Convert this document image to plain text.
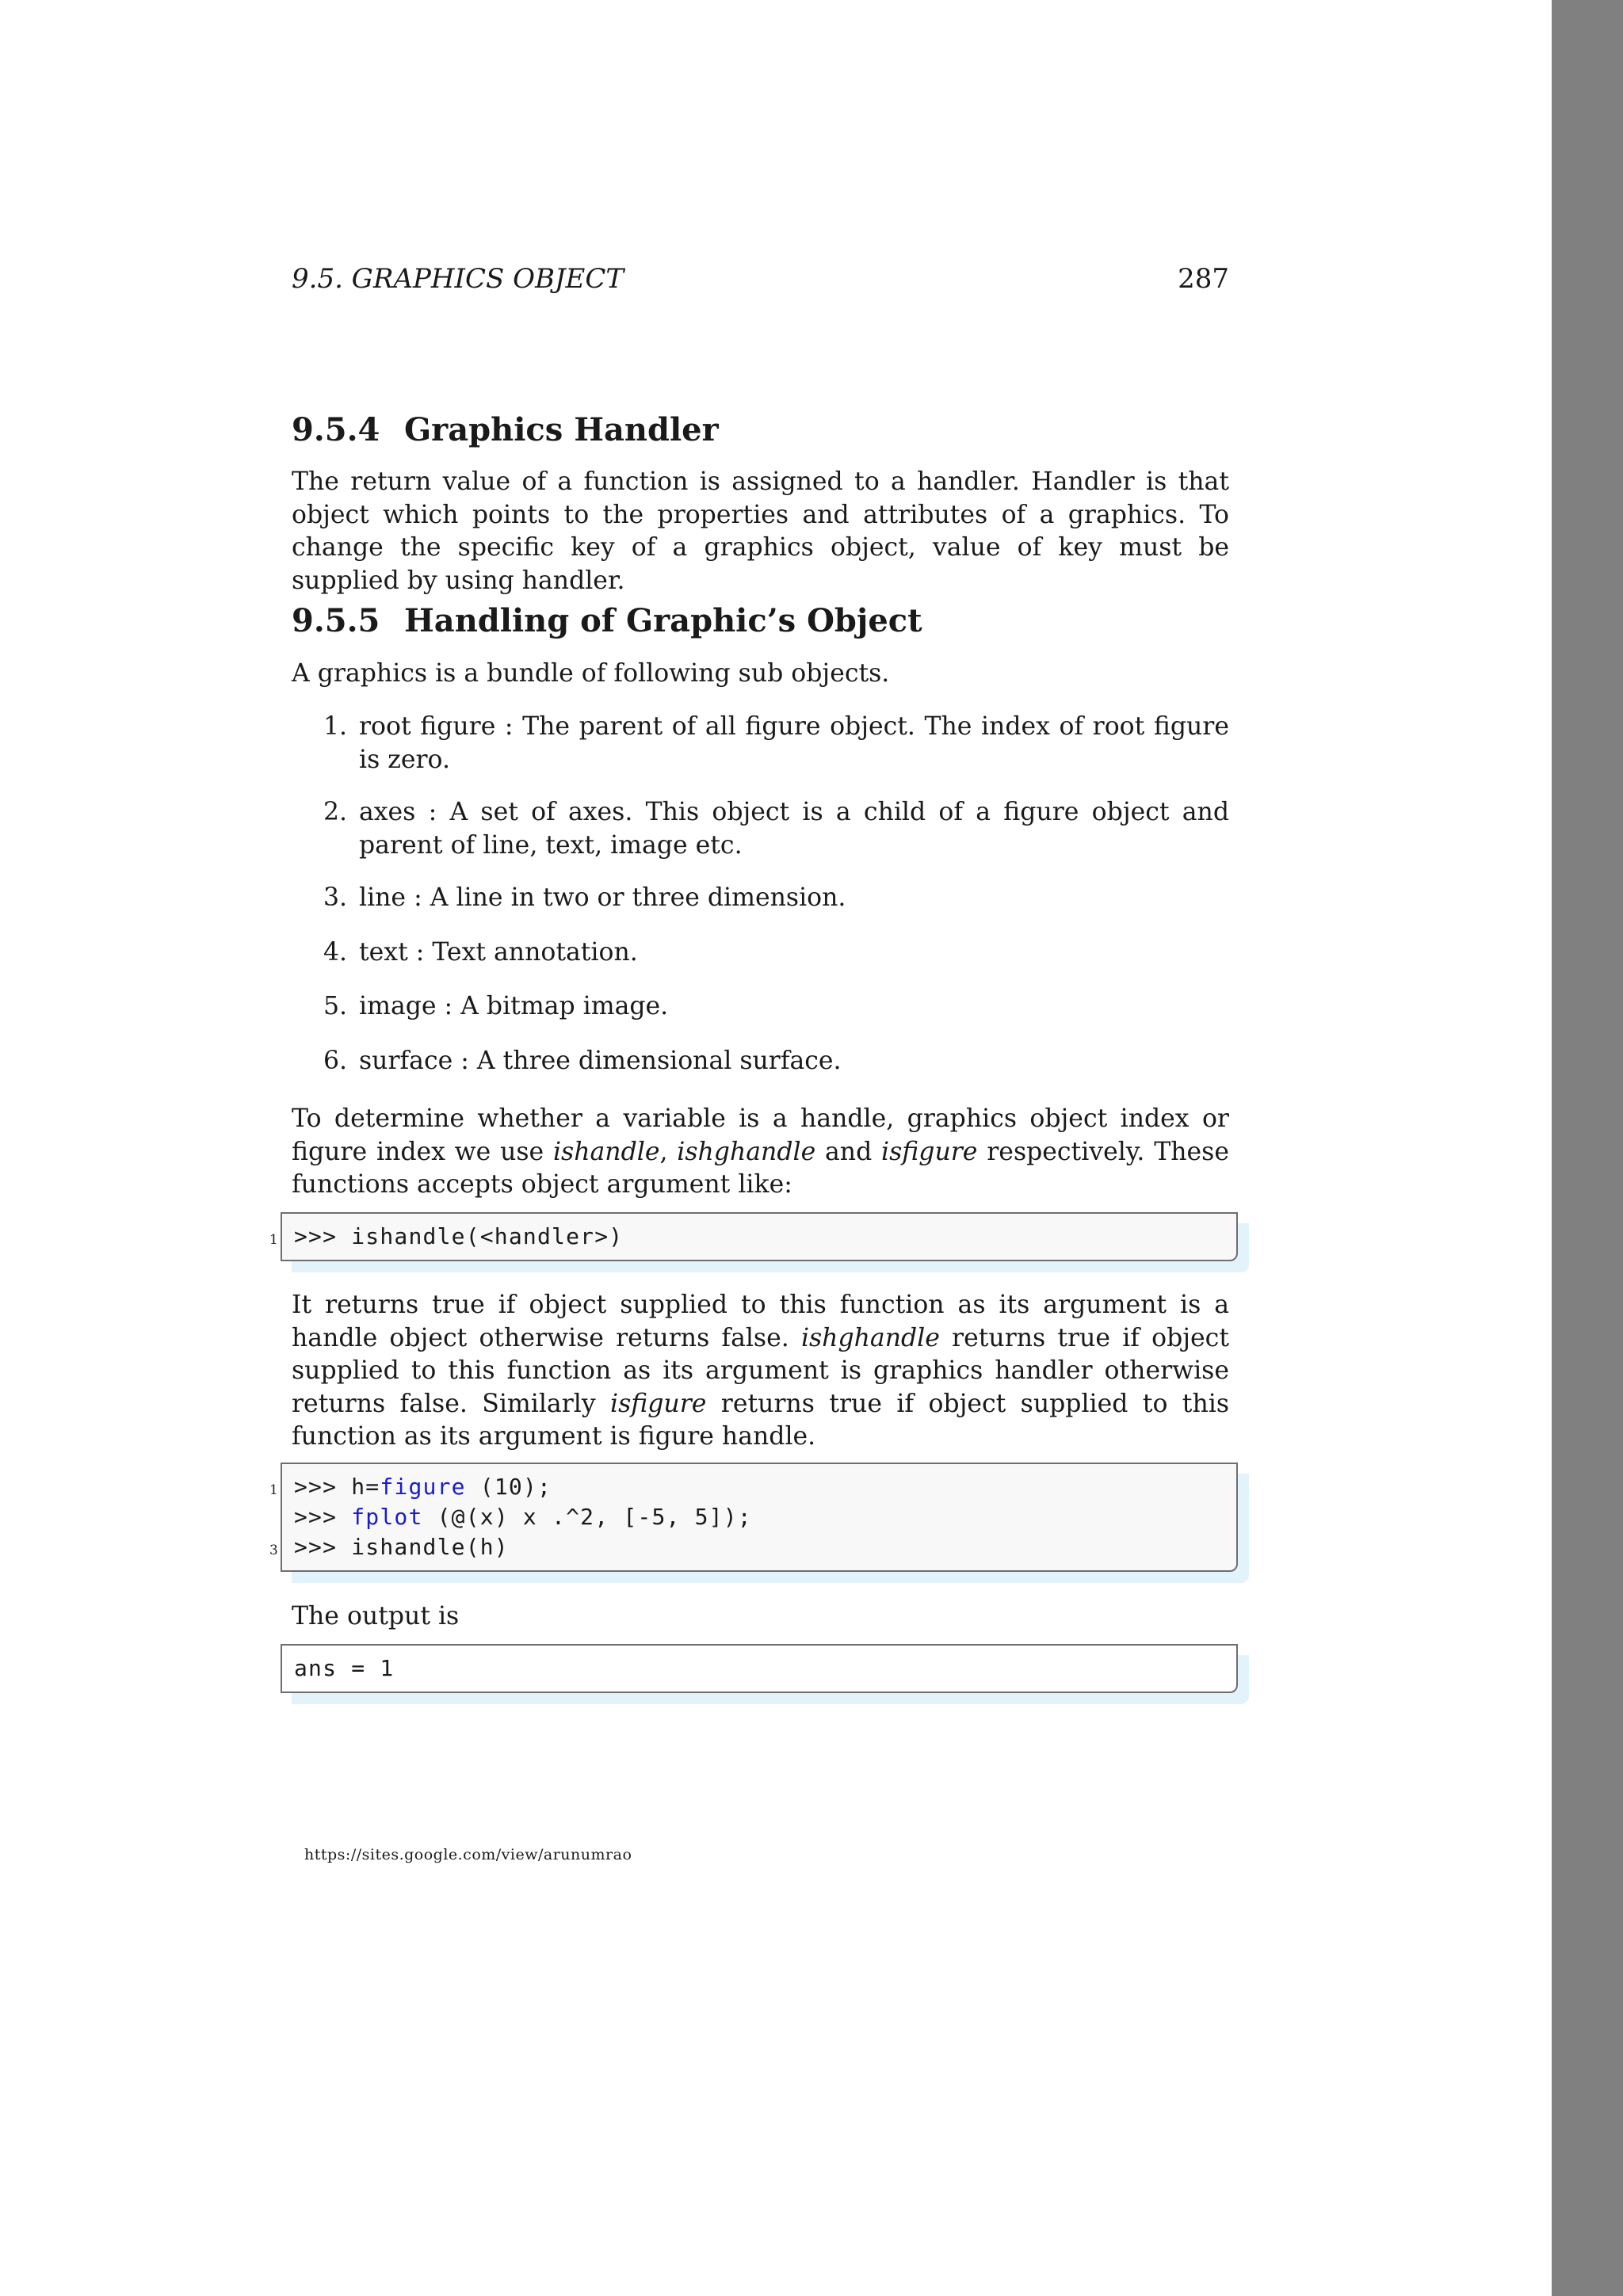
9.5. GRAPHICS OBJECT	287
9.5.4 Graphics Handler

The return value of a function is assigned to a handler. Handler is that object which points to the properties and attributes of a graphics. To change the specific key of a graphics object, value of key must be supplied by using handler.

9.5.5 Handling of Graphic’s Object

A graphics is a bundle of following sub objects.

1. root figure : The parent of all figure object. The index of root figure is zero.
2. axes : A set of axes. This object is a child of a figure object and parent of line, text, image etc.
3. line : A line in two or three dimension.
4. text : Text annotation.
5. image : A bitmap image.
6. surface : A three dimensional surface.

To determine whether a variable is a handle, graphics object index or figure index we use ishandle, ishghandle and isfigure respectively. These functions accepts object argument like:

1 >>> ishandle(<handler>)

It returns true if object supplied to this function as its argument is a handle object otherwise returns false. ishghandle returns true if object supplied to this function as its argument is graphics handler otherwise returns false. Similarly isfigure returns true if object supplied to this function as its argument is figure handle.

1 >>> h=figure (10);
>>> fplot (@(x) x .^2, [-5, 5]);
3 >>> ishandle(h)

The output is

ans = 1
https://sites.google.com/view/arunumrao
